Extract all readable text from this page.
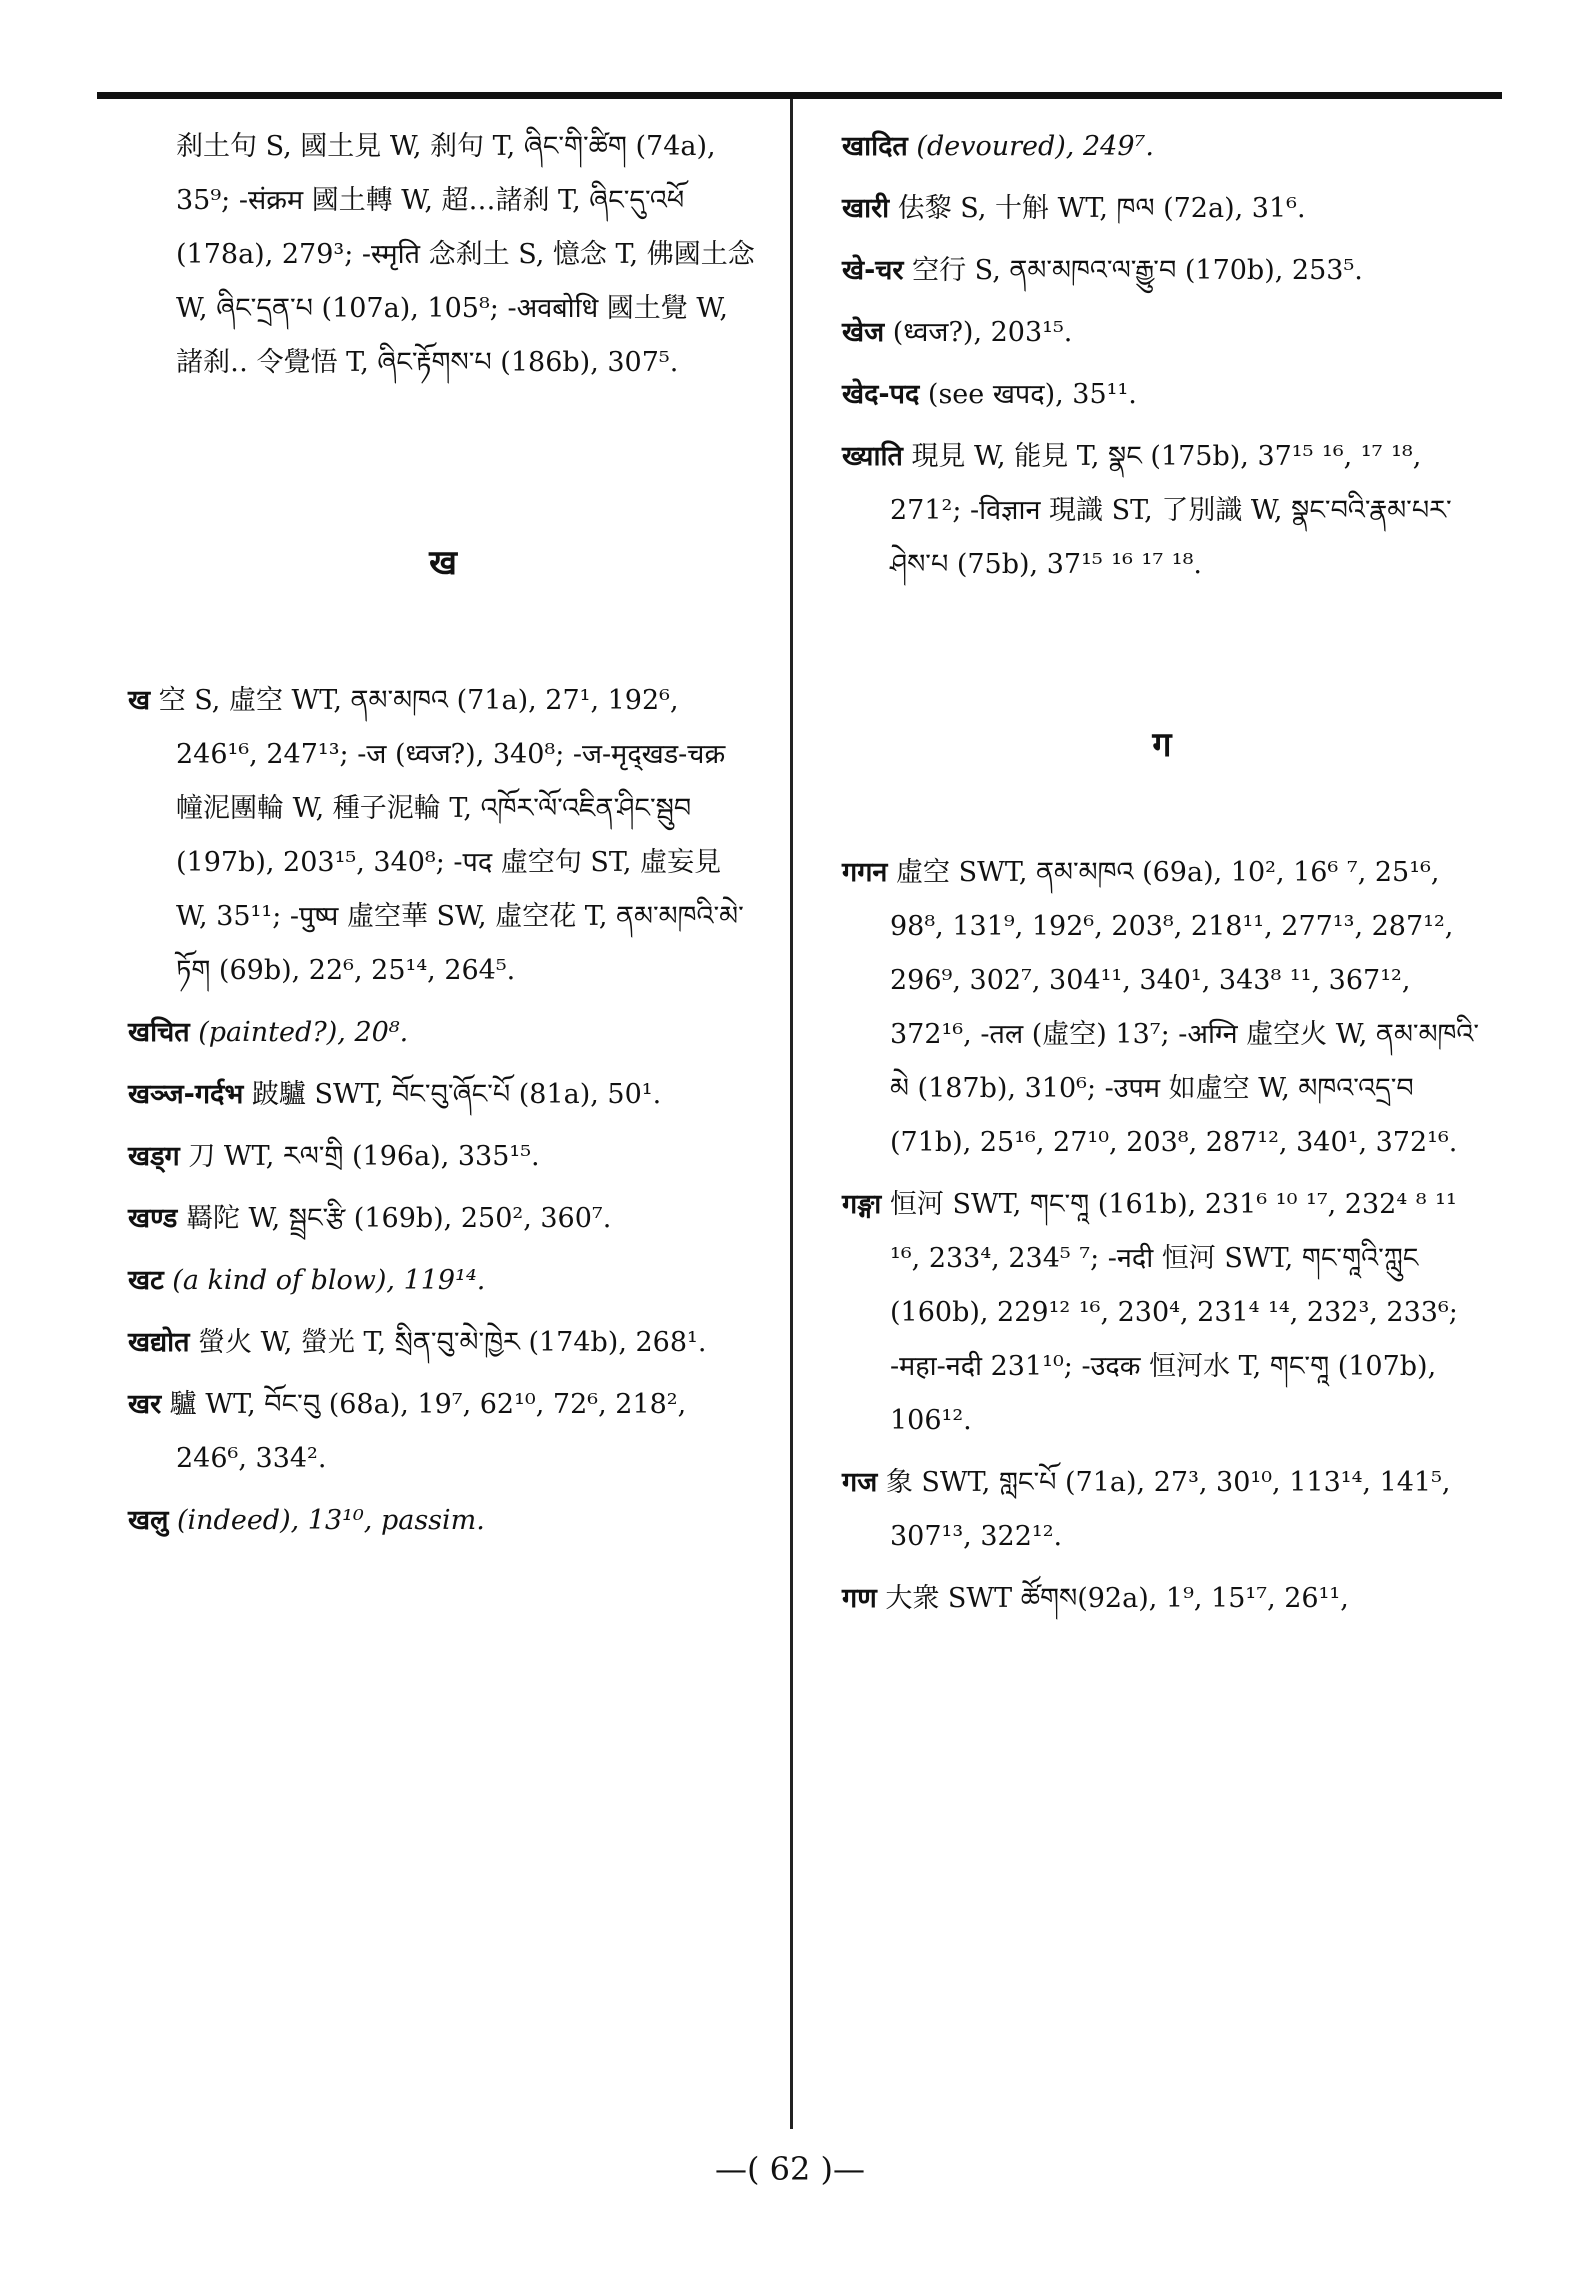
刹土句 S, 國土見 W, 刹句 T, ཞིང་གི་ཚིག (74a), 35⁹; -संक्रम 國土轉 W, 超…諸刹 T, ཞིང་དུ་འཕོ (178a), 279³; -स्मृति 念刹土 S, 憶念 T, 佛國土念 W, ཞིང་དྲན་པ (107a), 105⁸; -अवबोधि 國土覺 W, 諸刹‥ 令覺悟 T, ཞིང་རྟོགས་པ (186b), 307⁵.
ख
ख 空 S, 虛空 WT, ནམ་མཁའ (71a), 27¹, 192⁶, 246¹⁶, 247¹³; -ज (ध्वज?), 340⁸; -ज-मृद्खड-चक्र 幢泥團輪 W, 種子泥輪 T, འཁོར་ལོ་འཇིན་ཤིང་སྦུབ (197b), 203¹⁵, 340⁸; -पद 虛空句 ST, 虛妄見 W, 35¹¹; -पुष्प 虛空華 SW, 虛空花 T, ནམ་མཁའི་མེ་ཏོག (69b), 22⁶, 25¹⁴, 264⁵.
खचित (painted?), 20⁸.
खञ्ज-गर्दभ 跛驢 SWT, བོང་བུ་ཞོང་པོ (81a), 50¹.
खड्ग 刀 WT, རལ་གྲི (196a), 335¹⁵.
खण्ड 羇陀 W, སྦྲང་རྩི (169b), 250², 360⁷.
खट (a kind of blow), 119¹⁴.
खद्योत 螢火 W, 螢光 T, སྲིན་བུ་མེ་ཁྱེར (174b), 268¹.
खर 驢 WT, བོང་བུ (68a), 19⁷, 62¹⁰, 72⁶, 218², 246⁶, 334².
खलु (indeed), 13¹⁰, passim.
खादित (devoured), 249⁷.
खारी 佉黎 S, 十斛 WT, ཁལ (72a), 31⁶.
खे-चर 空行 S, ནམ་མཁའ་ལ་རྒྱུ་བ (170b), 253⁵.
खेज (ध्वज?), 203¹⁵.
खेद-पद (see खपद), 35¹¹.
ख्याति 現見 W, 能見 T, སྣང (175b), 37¹⁵ ¹⁶, ¹⁷ ¹⁸, 271²; -विज्ञान 現識 ST, 了別識 W, སྣང་བའི་རྣམ་པར་ཤེས་པ (75b), 37¹⁵ ¹⁶ ¹⁷ ¹⁸.
ग
गगन 虛空 SWT, ནམ་མཁའ (69a), 10², 16⁶ ⁷, 25¹⁶, 98⁸, 131⁹, 192⁶, 203⁸, 218¹¹, 277¹³, 287¹², 296⁹, 302⁷, 304¹¹, 340¹, 343⁸ ¹¹, 367¹², 372¹⁶, -तल (虛空) 13⁷; -अग्नि 虛空火 W, ནམ་མཁའི་མེ (187b), 310⁶; -उपम 如虛空 W, མཁའ་འདྲ་བ (71b), 25¹⁶, 27¹⁰, 203⁸, 287¹², 340¹, 372¹⁶.
गङ्गा 恒河 SWT, གང་གཱ (161b), 231⁶ ¹⁰ ¹⁷, 232⁴ ⁸ ¹¹ ¹⁶, 233⁴, 234⁵ ⁷; -नदी 恒河 SWT, གང་གཱའི་ཀླུང (160b), 229¹² ¹⁶, 230⁴, 231⁴ ¹⁴, 232³, 233⁶; -महा-नदी 231¹⁰; -उदक 恒河水 T, གང་གཱ (107b), 106¹².
गज 象 SWT, གླང་པོ (71a), 27³, 30¹⁰, 113¹⁴, 141⁵, 307¹³, 322¹².
गण 大衆 SWT ཚོགས(92a), 1⁹, 15¹⁷, 26¹¹,
—( 62 )—
